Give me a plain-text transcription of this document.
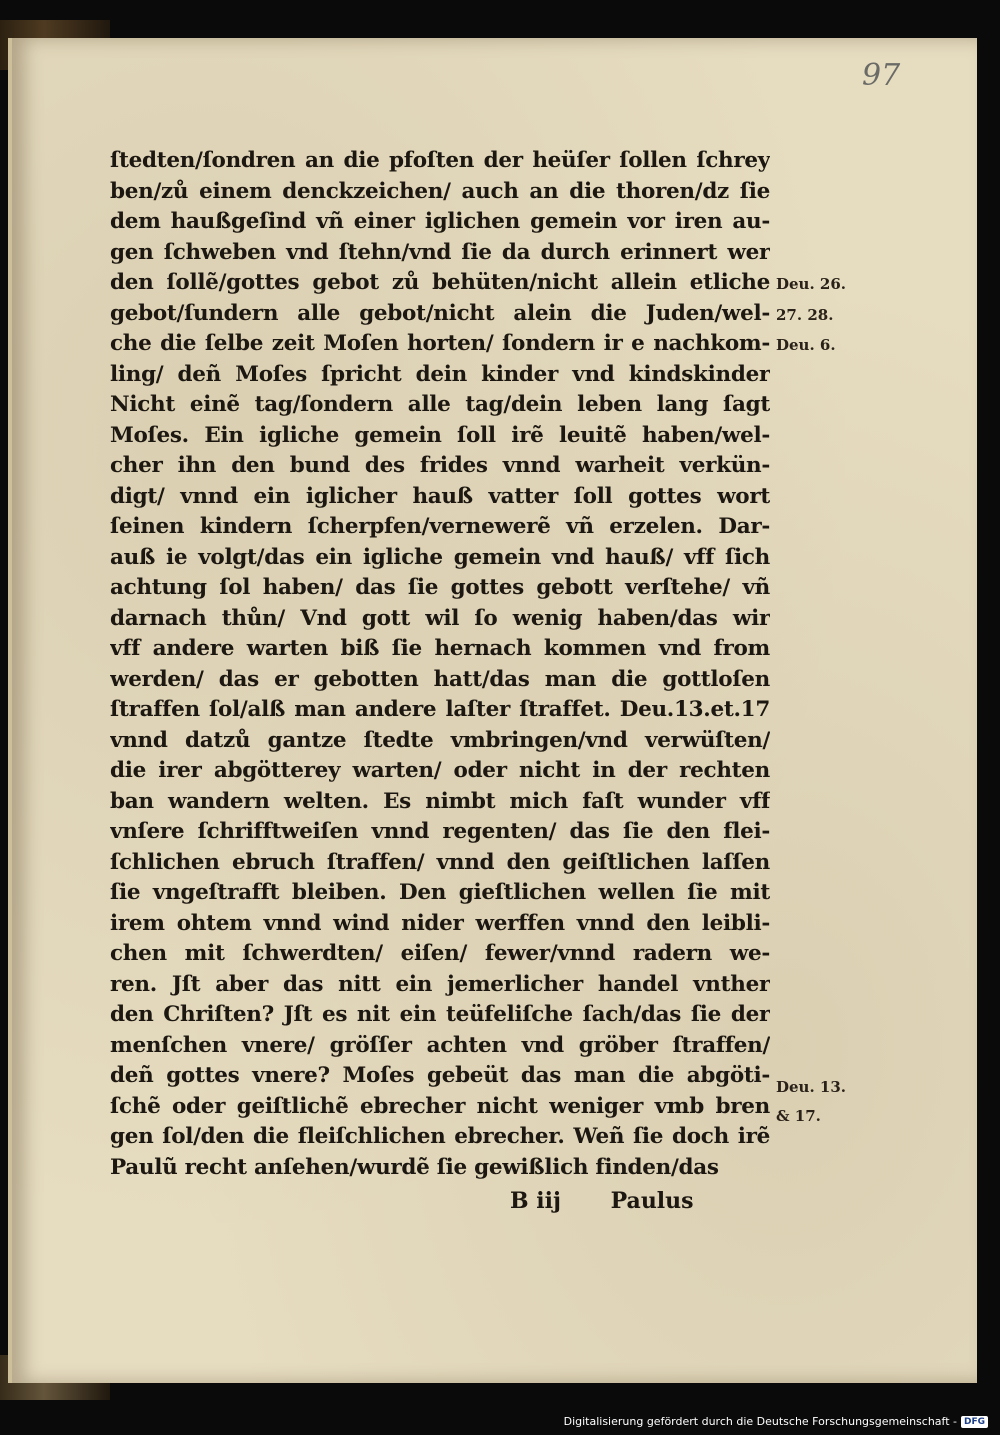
97
ſtedten/ſondren an die pfoſten der heüſer ſollen ſchrey
ben/zů einem denckzeichen/ auch an die thoren/dz ſie
dem haußgeſind vñ einer iglichen gemein vor iren au-
gen ſchweben vnd ſtehn/vnd ſie da durch erinnert wer
den ſollẽ/gottes gebot zů behüten/nicht allein etliche
gebot/ſundern alle gebot/nicht alein die Juden/wel-
che die ſelbe zeit Moſen horten/ ſondern ir e nachkom-
ling/ deñ Moſes ſpricht dein kinder vnd kindskinder
Nicht einẽ tag/ſondern alle tag/dein leben lang ſagt
Moſes. Ein igliche gemein ſoll irẽ leuitẽ haben/wel-
cher ihn den bund des frides vnnd warheit verkün-
digt/ vnnd ein iglicher hauß vatter ſoll gottes wort
ſeinen kindern ſcherpfen/vernewerẽ vñ erzelen. Dar-
auß ie volgt/das ein igliche gemein vnd hauß/ vff ſich
achtung ſol haben/ das ſie gottes gebott verſtehe/ vñ
darnach thůn/ Vnd gott wil ſo wenig haben/das wir
vff andere warten biß ſie hernach kommen vnd from
werden/ das er gebotten hatt/das man die gottloſen
ſtraffen ſol/alß man andere laſter ſtraffet. Deu.13.et.17
vnnd datzů gantze ſtedte vmbringen/vnd verwüſten/
die irer abgötterey warten/ oder nicht in der rechten
ban wandern welten. Es nimbt mich faſt wunder vff
vnſere ſchrifftweiſen vnnd regenten/ das ſie den flei-
ſchlichen ebruch ſtraffen/ vnnd den geiſtlichen laſſen
ſie vngeſtrafft bleiben. Den gieſtlichen wellen ſie mit
irem ohtem vnnd wind nider werffen vnnd den leibli-
chen mit ſchwerdten/ eiſen/ fewer/vnnd radern we-
ren. Jſt aber das nitt ein jemerlicher handel vnther
den Chriſten? Jſt es nit ein teüfeliſche ſach/das ſie der
menſchen vnere/ gröſſer achten vnd gröber ſtraffen/
deñ gottes vnere? Moſes gebeüt das man die abgöti-
ſchẽ oder geiſtlichẽ ebrecher nicht weniger vmb bren
gen ſol/den die fleiſchlichen ebrecher. Weñ ſie doch irẽ
Paulũ recht anſehen/wurdẽ ſie gewißlich finden/das
B iij Paulus
Deu. 26.
27. 28.
Deu. 6.
Deu. 13.
& 17.
Digitalisierung gefördert durch die Deutsche Forschungsgemeinschaft - DFG
